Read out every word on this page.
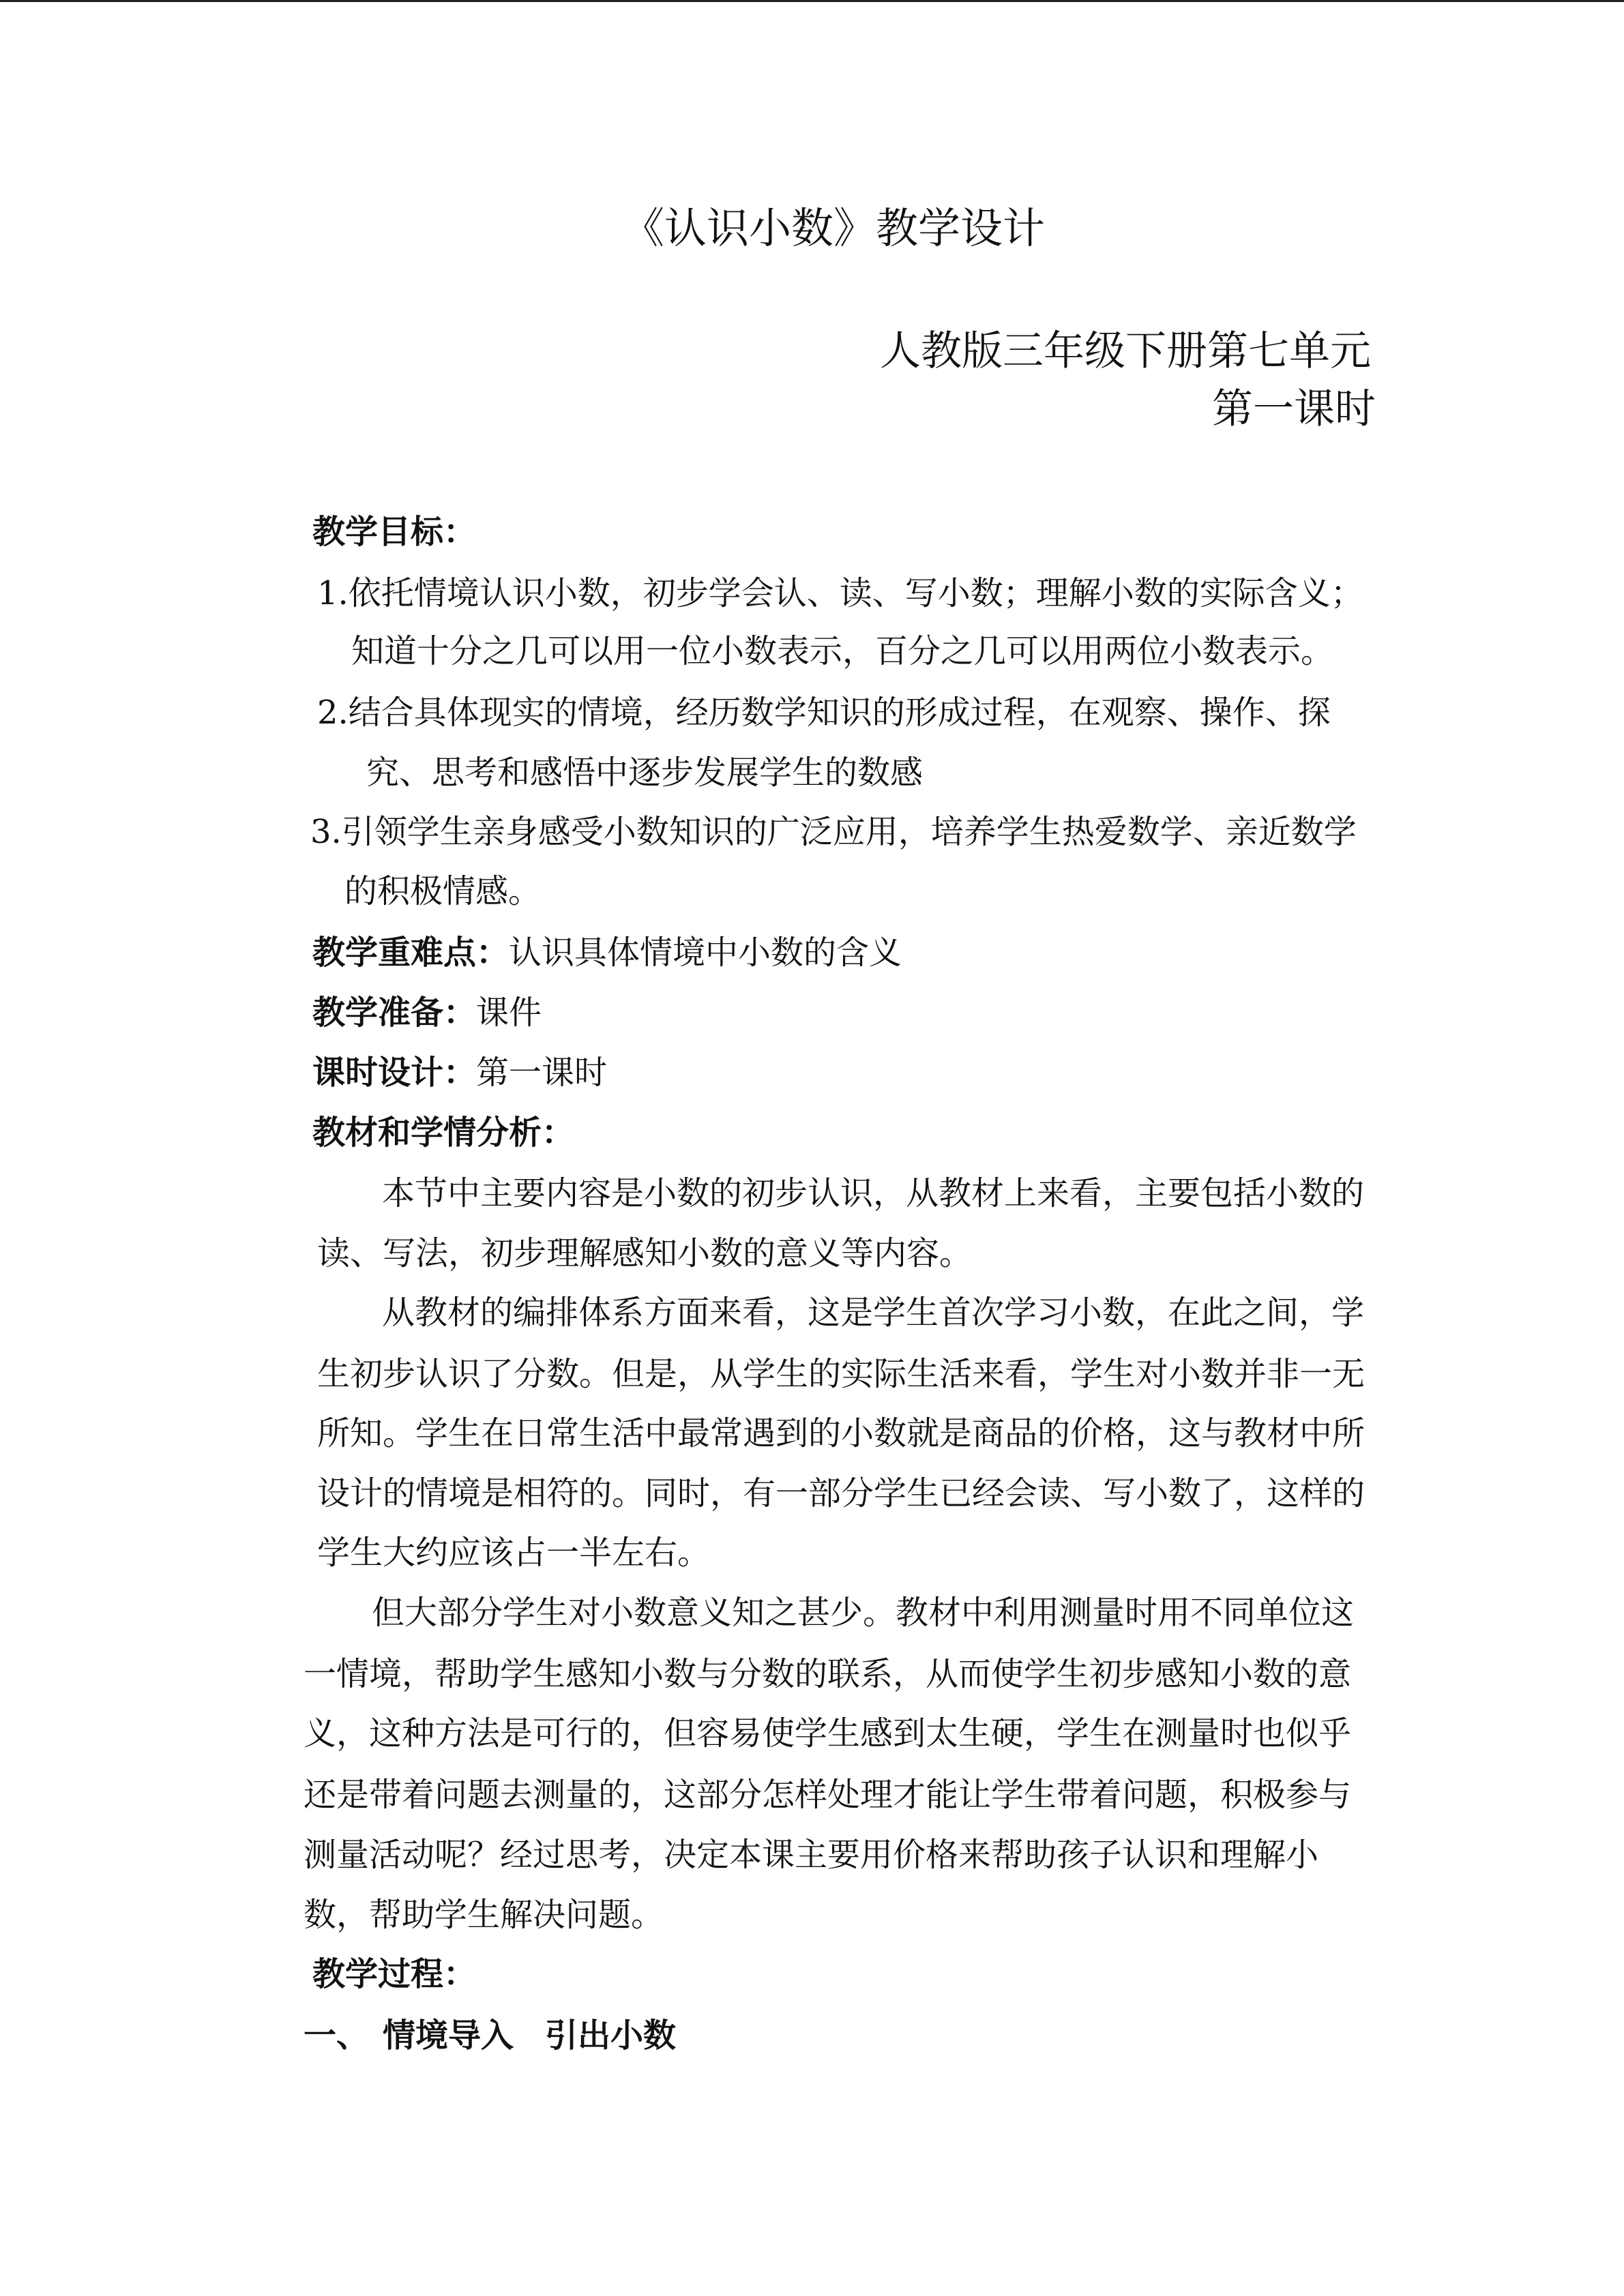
《认识小数》教学设计
人教版三年级下册第七单元
第一课时
教学目标：
1.依托情境认识小数，初步学会认、读、写小数；理解小数的实际含义；
知道十分之几可以用一位小数表示，百分之几可以用两位小数表示。
2.结合具体现实的情境，经历数学知识的形成过程，在观察、操作、探
究、思考和感悟中逐步发展学生的数感
3.引领学生亲身感受小数知识的广泛应用，培养学生热爱数学、亲近数学
的积极情感。
教学重难点：认识具体情境中小数的含义
教学准备：课件
课时设计：第一课时
教材和学情分析：
本节中主要内容是小数的初步认识，从教材上来看，主要包括小数的
读、写法，初步理解感知小数的意义等内容。
从教材的编排体系方面来看，这是学生首次学习小数，在此之间，学
生初步认识了分数。但是，从学生的实际生活来看，学生对小数并非一无
所知。学生在日常生活中最常遇到的小数就是商品的价格，这与教材中所
设计的情境是相符的。同时，有一部分学生已经会读、写小数了，这样的
学生大约应该占一半左右。
但大部分学生对小数意义知之甚少。教材中利用测量时用不同单位这
一情境，帮助学生感知小数与分数的联系，从而使学生初步感知小数的意
义，这种方法是可行的，但容易使学生感到太生硬，学生在测量时也似乎
还是带着问题去测量的，这部分怎样处理才能让学生带着问题，积极参与
测量活动呢？经过思考，决定本课主要用价格来帮助孩子认识和理解小
数，帮助学生解决问题。
教学过程：
一、 情境导入 引出小数
